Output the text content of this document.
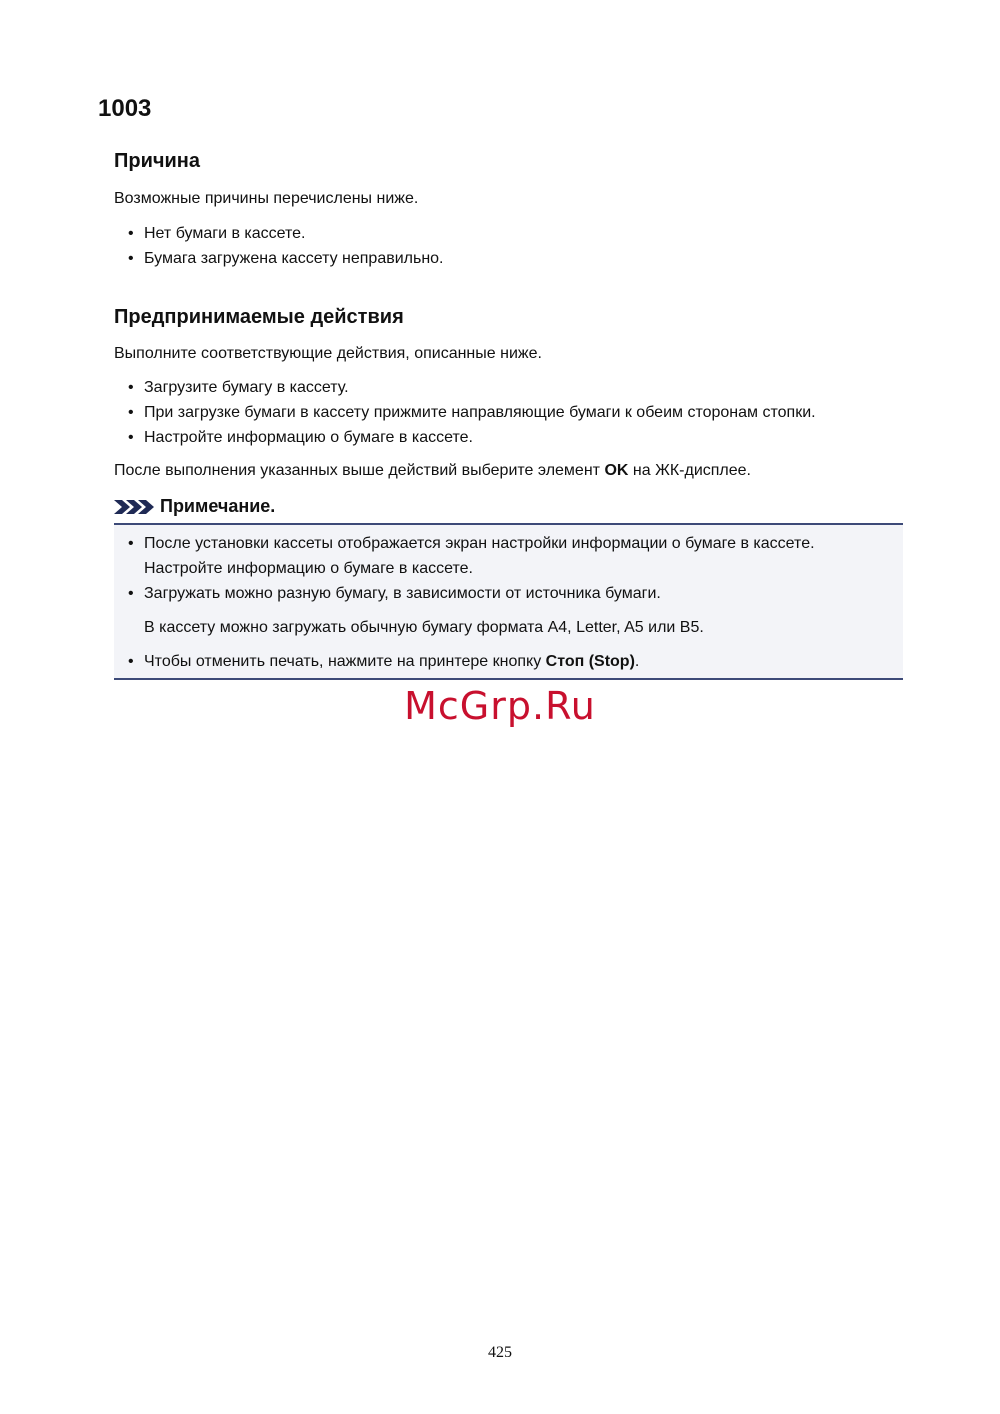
1003
Причина

Возможные причины перечислены ниже.

• Нет бумаги в кассете.
• Бумага загружена кассету неправильно.
Предпринимаемые действия

Выполните соответствующие действия, описанные ниже.

• Загрузите бумагу в кассету.
• При загрузке бумаги в кассету прижмите направляющие бумаги к обеим сторонам стопки.
• Настройте информацию о бумаге в кассете.

После выполнения указанных выше действий выберите элемент OK на ЖК-дисплее.

Примечание.
• После установки кассеты отображается экран настройки информации о бумаге в кассете.
Настройте информацию о бумаге в кассете.
• Загружать можно разную бумагу, в зависимости от источника бумаги.
В кассету можно загружать обычную бумагу формата A4, Letter, A5 или B5.
• Чтобы отменить печать, нажмите на принтере кнопку Стоп (Stop).
McGrp.Ru
425
